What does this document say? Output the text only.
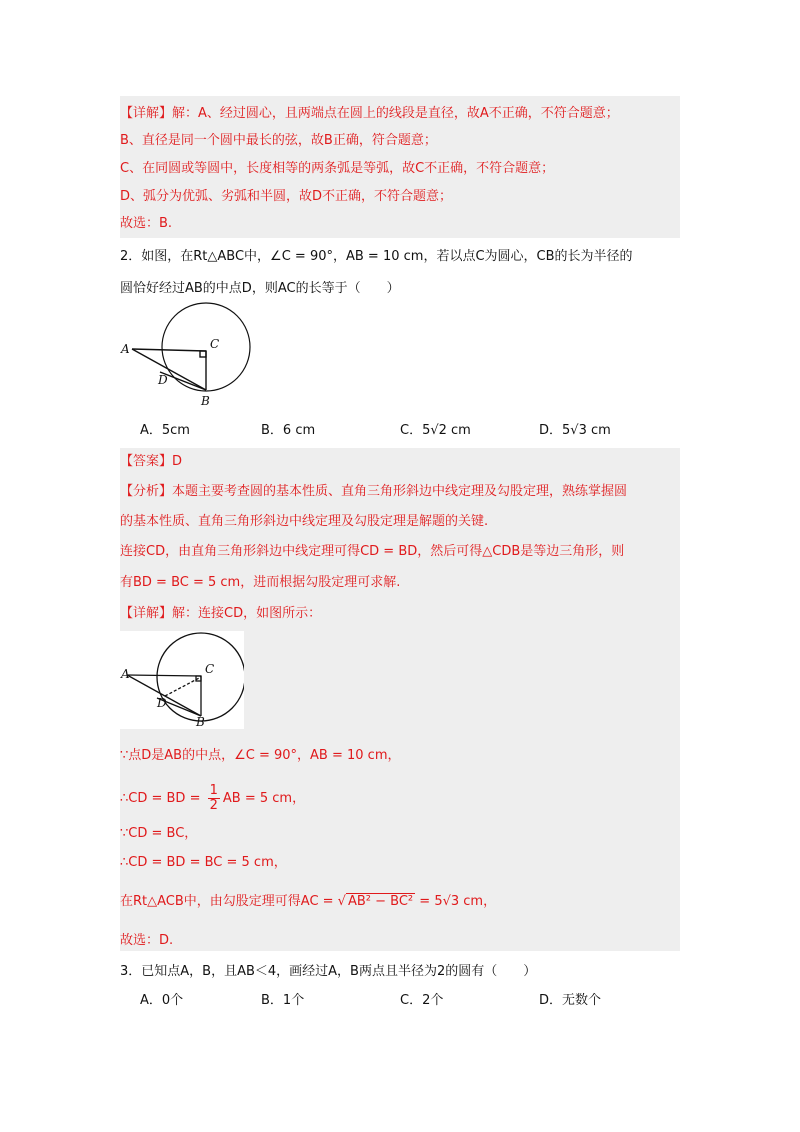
【详解】解：A、经过圆心，且两端点在圆上的线段是直径，故A不正确，不符合题意；
B、直径是同一个圆中最长的弦，故B正确，符合题意；
C、在同圆或等圆中，长度相等的两条弧是等弧，故C不正确，不符合题意；
D、弧分为优弧、劣弧和半圆，故D不正确，不符合题意；
故选：B.
2．如图，在Rt△ABC中，∠C = 90°，AB = 10 cm，若以点C为圆心，CB的长为半径的
圆恰好经过AB的中点D，则AC的长等于（　　）
A	C
D
B
A．5cm	B．6 cm	C．5√2 cm	D．5√3 cm
【答案】D
【分析】本题主要考查圆的基本性质、直角三角形斜边中线定理及勾股定理，熟练掌握圆
的基本性质、直角三角形斜边中线定理及勾股定理是解题的关键.
连接CD，由直角三角形斜边中线定理可得CD = BD，然后可得△CDB是等边三角形，则
有BD = BC = 5 cm，进而根据勾股定理可求解.
【详解】解：连接CD，如图所示：
A	C
D
B
∵点D是AB的中点，∠C = 90°，AB = 10 cm，
∴CD = BD = $\frac{1}{2}$ AB = 5 cm，
∵CD = BC，
∴CD = BD = BC = 5 cm，
在Rt△ACB中，由勾股定理可得AC = √ AB² − BC² = 5√3 cm，
故选：D.
3．已知点A，B，且AB＜4，画经过A，B两点且半径为2的圆有（　　）
A．0个	B．1个	C．2个	D．无数个
